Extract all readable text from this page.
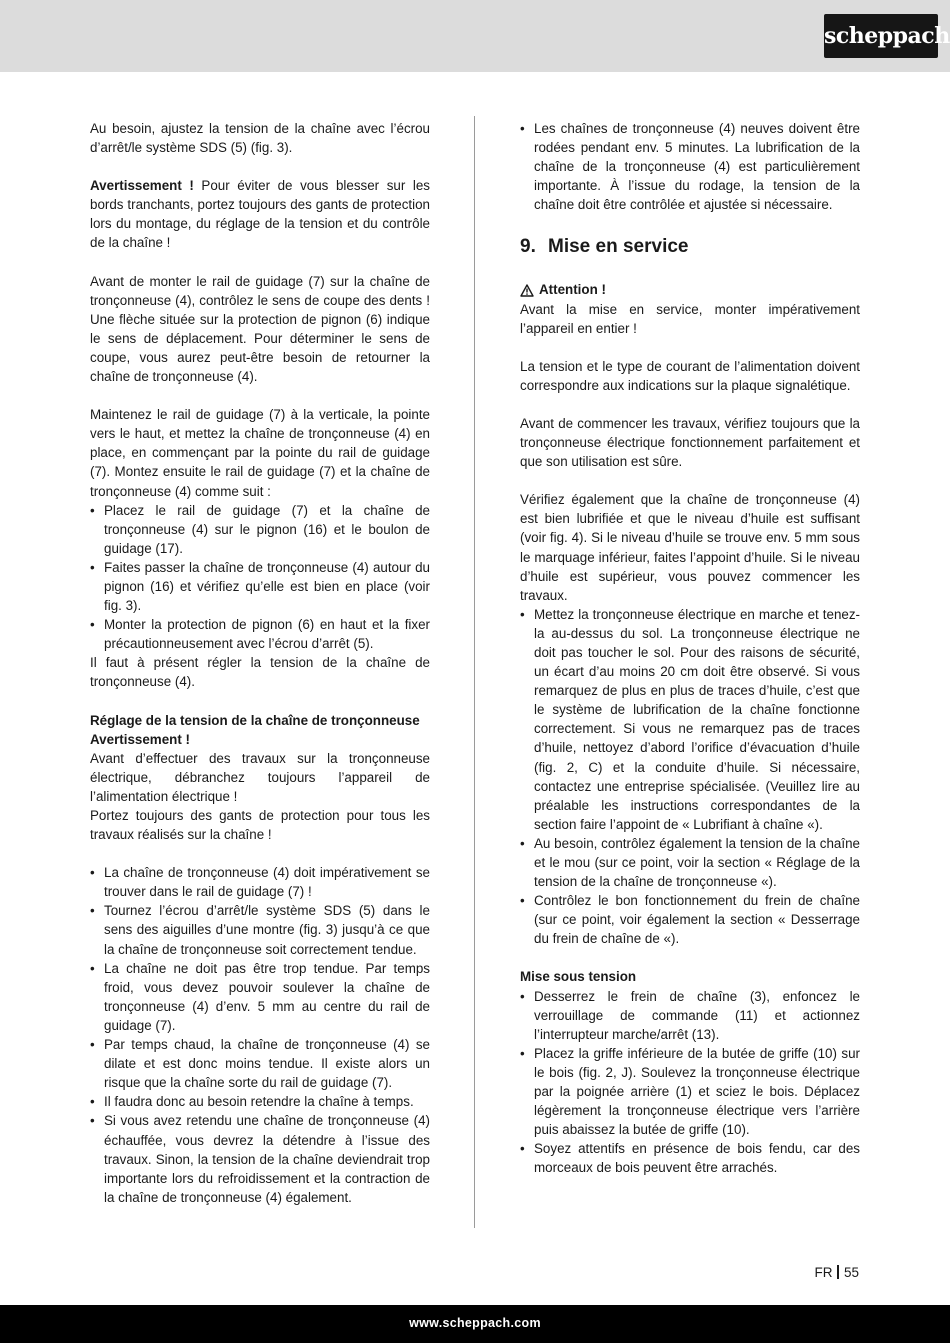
scheppach

Au besoin, ajustez la tension de la chaîne avec l’écrou d’arrêt/le système SDS (5) (fig. 3).

Avertissement ! Pour éviter de vous blesser sur les bords tranchants, portez toujours des gants de protection lors du montage, du réglage de la tension et du contrôle de la chaîne !

Avant de monter le rail de guidage (7) sur la chaîne de tronçonneuse (4), contrôlez le sens de coupe des dents ! Une flèche située sur la protection de pignon (6) indique le sens de déplacement. Pour déterminer le sens de coupe, vous aurez peut-être besoin de retourner la chaîne de tronçonneuse (4).

Maintenez le rail de guidage (7) à la verticale, la pointe vers le haut, et mettez la chaîne de tronçonneuse (4) en place, en commençant par la pointe du rail de guidage (7). Montez ensuite le rail de guidage (7) et la chaîne de tronçonneuse (4) comme suit :

• Placez le rail de guidage (7) et la chaîne de tronçonneuse (4) sur le pignon (16) et le boulon de guidage (17).
• Faites passer la chaîne de tronçonneuse (4) autour du pignon (16) et vérifiez qu’elle est bien en place (voir fig. 3).
• Monter la protection de pignon (6) en haut et la fixer précautionneusement avec l’écrou d’arrêt (5).

Il faut à présent régler la tension de la chaîne de tronçonneuse (4).

Réglage de la tension de la chaîne de tronçonneuse

Avertissement !

Avant d’effectuer des travaux sur la tronçonneuse électrique, débranchez toujours l’appareil de l’alimentation électrique !

Portez toujours des gants de protection pour tous les travaux réalisés sur la chaîne !

• La chaîne de tronçonneuse (4) doit impérativement se trouver dans le rail de guidage (7) !
• Tournez l’écrou d’arrêt/le système SDS (5) dans le sens des aiguilles d’une montre (fig. 3) jusqu’à ce que la chaîne de tronçonneuse soit correctement tendue.
• La chaîne ne doit pas être trop tendue. Par temps froid, vous devez pouvoir soulever la chaîne de tronçonneuse (4) d’env. 5 mm au centre du rail de guidage (7).
• Par temps chaud, la chaîne de tronçonneuse (4) se dilate et est donc moins tendue. Il existe alors un risque que la chaîne sorte du rail de guidage (7).
• Il faudra donc au besoin retendre la chaîne à temps.
• Si vous avez retendu une chaîne de tronçonneuse (4) échauffée, vous devrez la détendre à l’issue des travaux. Sinon, la tension de la chaîne deviendrait trop importante lors du refroidissement et la contraction de la chaîne de tronçonneuse (4) également.
• Les chaînes de tronçonneuse (4) neuves doivent être rodées pendant env. 5 minutes. La lubrification de la chaîne de la tronçonneuse (4) est particulièrement importante. À l’issue du rodage, la tension de la chaîne doit être contrôlée et ajustée si nécessaire.
9. Mise en service

Attention !

Avant la mise en service, monter impérativement l’appareil en entier !

La tension et le type de courant de l’alimentation doivent correspondre aux indications sur la plaque signalétique.

Avant de commencer les travaux, vérifiez toujours que la tronçonneuse électrique fonctionnement parfaitement et que son utilisation est sûre.

Vérifiez également que la chaîne de tronçonneuse (4) est bien lubrifiée et que le niveau d’huile est suffisant (voir fig. 4). Si le niveau d’huile se trouve env. 5 mm sous le marquage inférieur, faites l’appoint d’huile. Si le niveau d’huile est supérieur, vous pouvez commencer les travaux.

• Mettez la tronçonneuse électrique en marche et tenez-la au-dessus du sol. La tronçonneuse électrique ne doit pas toucher le sol. Pour des raisons de sécurité, un écart d’au moins 20 cm doit être observé. Si vous remarquez de plus en plus de traces d’huile, c’est que le système de lubrification de la chaîne fonctionne correctement. Si vous ne remarquez pas de traces d’huile, nettoyez d’abord l’orifice d’évacuation d’huile (fig. 2, C) et la conduite d’huile. Si nécessaire, contactez une entreprise spécialisée. (Veuillez lire au préalable les instructions correspondantes de la section faire l’appoint de « Lubrifiant à chaîne «).
• Au besoin, contrôlez également la tension de la chaîne et le mou (sur ce point, voir la section « Réglage de la tension de la chaîne de tronçonneuse «).
• Contrôlez le bon fonctionnement du frein de chaîne (sur ce point, voir également la section « Desserrage du frein de chaîne de «).

Mise sous tension

• Desserrez le frein de chaîne (3), enfoncez le verrouillage de commande (11) et actionnez l’interrupteur marche/arrêt (13).
• Placez la griffe inférieure de la butée de griffe (10) sur le bois (fig. 2, J). Soulevez la tronçonneuse électrique par la poignée arrière (1) et sciez le bois. Déplacez légèrement la tronçonneuse électrique vers l’arrière puis abaissez la butée de griffe (10).
• Soyez attentifs en présence de bois fendu, car des morceaux de bois peuvent être arrachés.
FR 55
www.scheppach.com
